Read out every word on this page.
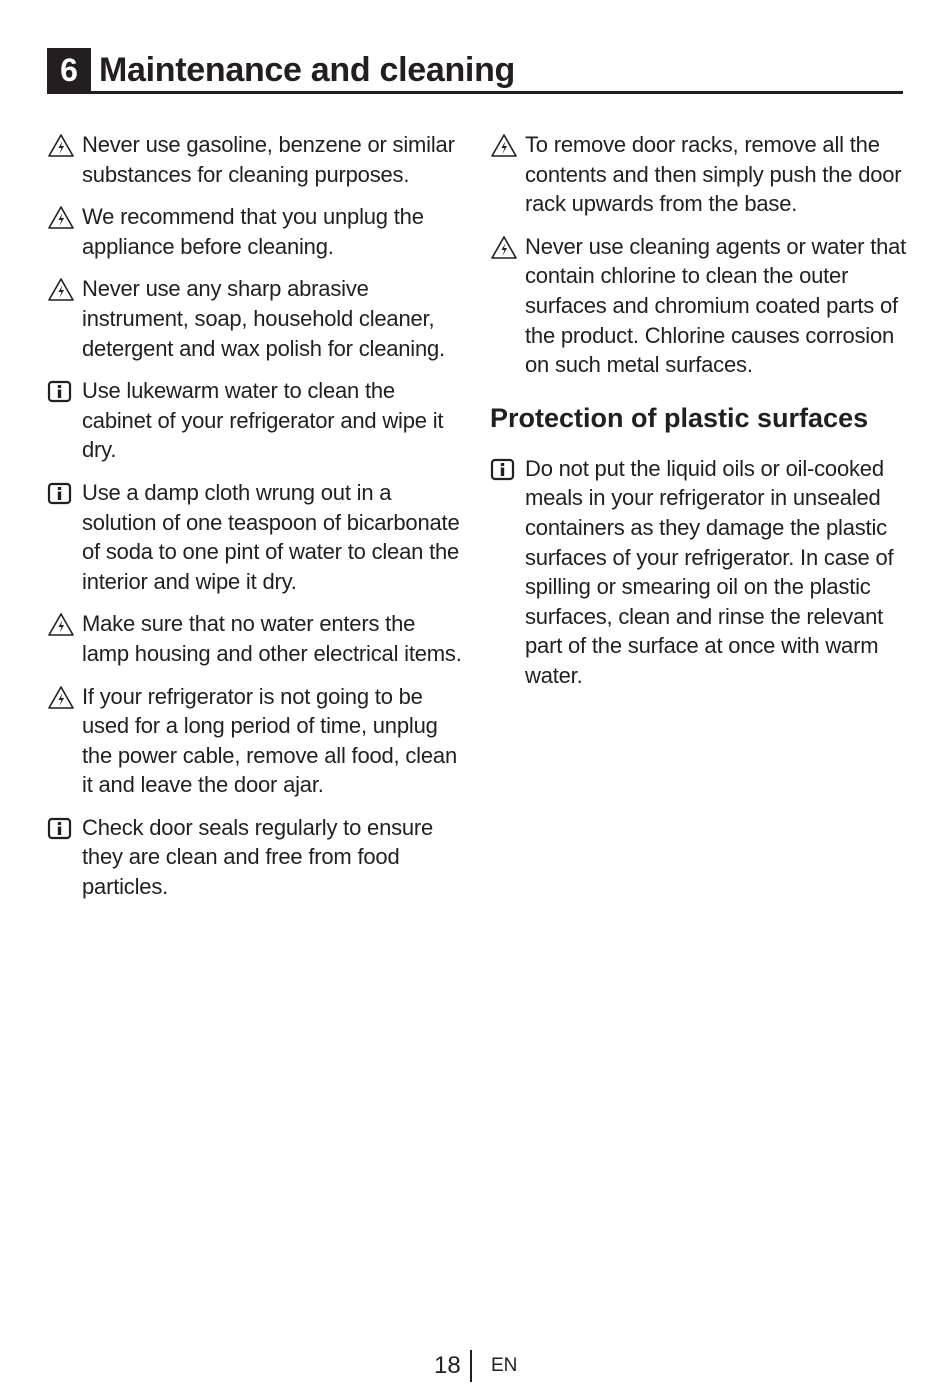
6 Maintenance and cleaning
Never use gasoline, benzene or similar substances for cleaning purposes.
We recommend that you unplug the appliance before cleaning.
Never use any sharp abrasive instrument, soap, household cleaner, detergent and wax polish for cleaning.
Use lukewarm water to clean the cabinet of your refrigerator and wipe it dry.
Use a damp cloth wrung out in a solution of one teaspoon of bicarbonate of soda to one pint of water to clean the interior and wipe it dry.
Make sure that no water enters the lamp housing and other electrical items.
If your refrigerator is not going to be used for a long period of time, unplug the power cable, remove all food, clean it and leave the door ajar.
Check door seals regularly to ensure they are clean and free from food particles.
To remove door racks, remove all the contents and then simply push the door rack upwards from the base.
Never use cleaning agents or water that contain chlorine to clean the outer surfaces and chromium coated parts of the product. Chlorine causes corrosion on such metal surfaces.
Protection of plastic surfaces
Do not put the liquid oils or oil-cooked meals in your refrigerator in unsealed containers as they damage the plastic surfaces of your refrigerator. In case of spilling or smearing oil on the plastic surfaces, clean and rinse the relevant part of the surface at once with warm water.
18 EN
